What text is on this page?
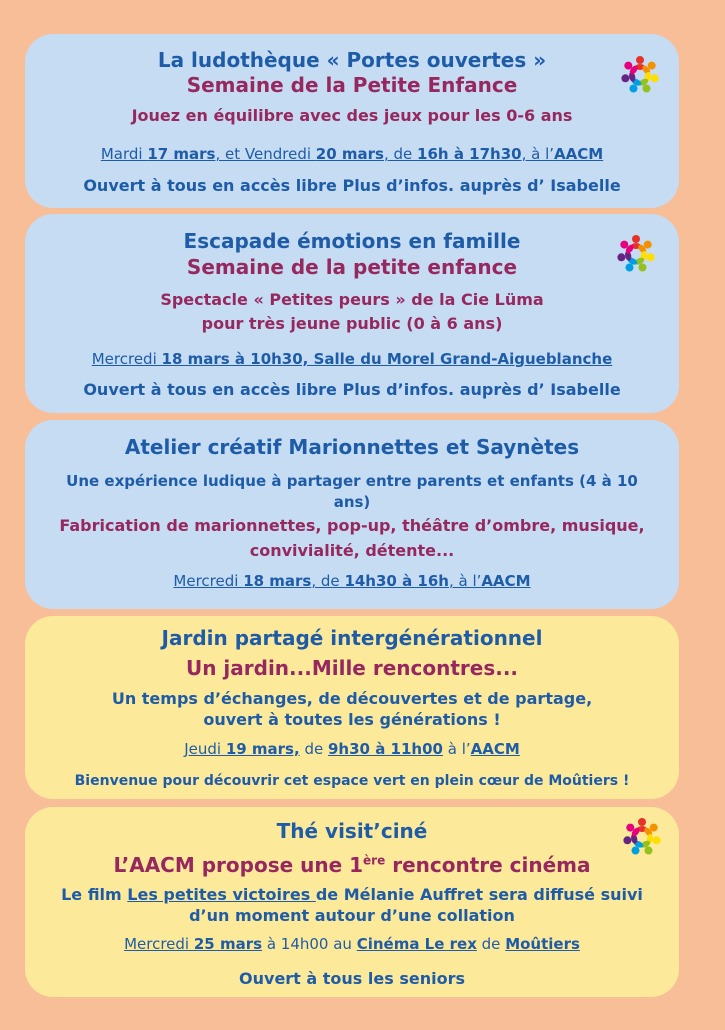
La ludothèque « Portes ouvertes »
Semaine de la Petite Enfance
Jouez en équilibre avec des jeux pour les 0-6 ans
Mardi 17 mars, et Vendredi 20 mars, de 16h à 17h30, à l’AACM
Ouvert à tous en accès libre Plus d’infos. auprès d’ Isabelle
Escapade émotions en famille
Semaine de la petite enfance
Spectacle « Petites peurs » de la Cie Lüma
pour très jeune public (0 à 6 ans)
Mercredi 18 mars à 10h30, Salle du Morel Grand-Aigueblanche
Ouvert à tous en accès libre Plus d’infos. auprès d’ Isabelle
Atelier créatif Marionnettes et Saynètes
Une expérience ludique à partager entre parents et enfants (4 à 10
ans)
Fabrication de marionnettes, pop-up, théâtre d’ombre, musique,
convivialité, détente...
Mercredi 18 mars, de 14h30 à 16h, à l’AACM
Jardin partagé intergénérationnel
Un jardin...Mille rencontres...
Un temps d’échanges, de découvertes et de partage,
ouvert à toutes les générations !
Jeudi 19 mars, de 9h30 à 11h00 à l’AACM
Bienvenue pour découvrir cet espace vert en plein cœur de Moûtiers !
Thé visit’ciné
L’AACM propose une 1ère rencontre cinéma
Le film Les petites victoires de Mélanie Auffret sera diffusé suivi
d’un moment autour d’une collation
Mercredi 25 mars à 14h00 au Cinéma Le rex de Moûtiers
Ouvert à tous les seniors
